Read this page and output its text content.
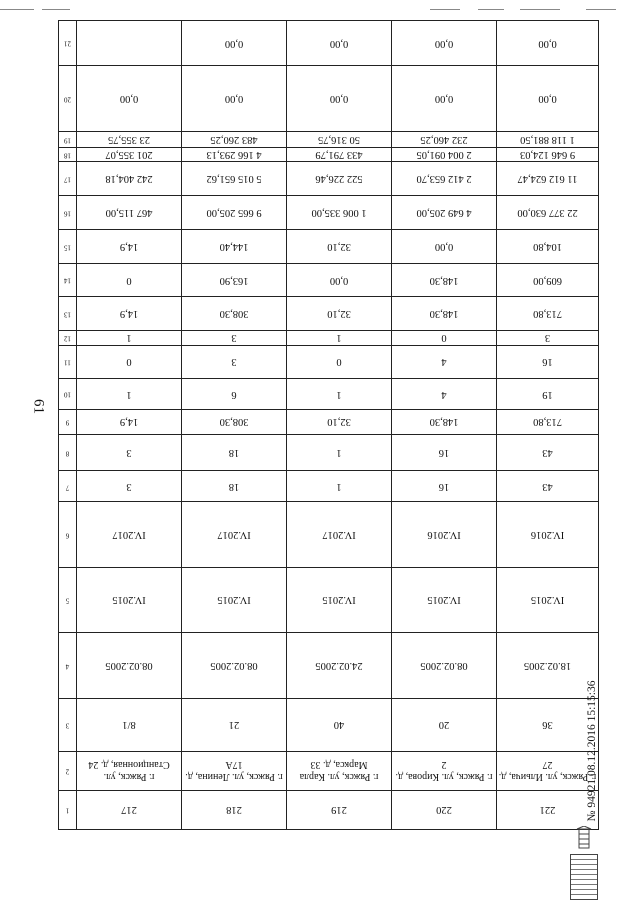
61
21		0,00	0,00	0,00	0,00

20	0,00	0,00	0,00	0,00	0,00

19	23 355,75	483 260,25	50 316,75	232 460,25	1 118 881,50

18	201 355,07	4 166 293,13	433 791,79	2 004 091,05	9 646 124,03

17	242 404,18	5 015 651,62	522 226,46	2 412 653,70	11 612 624,47

16	467 115,00	9 665 205,00	1 006 335,00	4 649 205,00	22 377 630,00

15	14,9	144,40	32,10	0,00	104,80

14	0	163,90	0,00	148,30	609,00

13	14,9	308,30	32,10	148,30	713,80

12	1	3	1	0	3

11	0	3	0	4	16

10	1	6	1	4	19

9	14,9	308,30	32,10	148,30	713,80

8	3	18	1	16	43

7	3	18	1	16	43

6	IV.2017	IV.2017	IV.2017	IV.2016	IV.2016

5	IV.2015	IV.2015	IV.2015	IV.2015	IV.2015

4	08.02.2005	08.02.2005	24.02.2005	08.02.2005	18.02.2005

3	8/1	21	40	20	36

2	г. Ряжск, ул. Станционная, д. 24	г. Ряжск, ул. Ленина, д. 17А	г. Ряжск, ул. Карла Маркса, д. 33	г. Ряжск, ул. Кирова, д. 2	г. Ряжск, ул. Ильича, д. 27

1	217	218	219	220	221	№ 94921 08.12.2016 15:15:36
